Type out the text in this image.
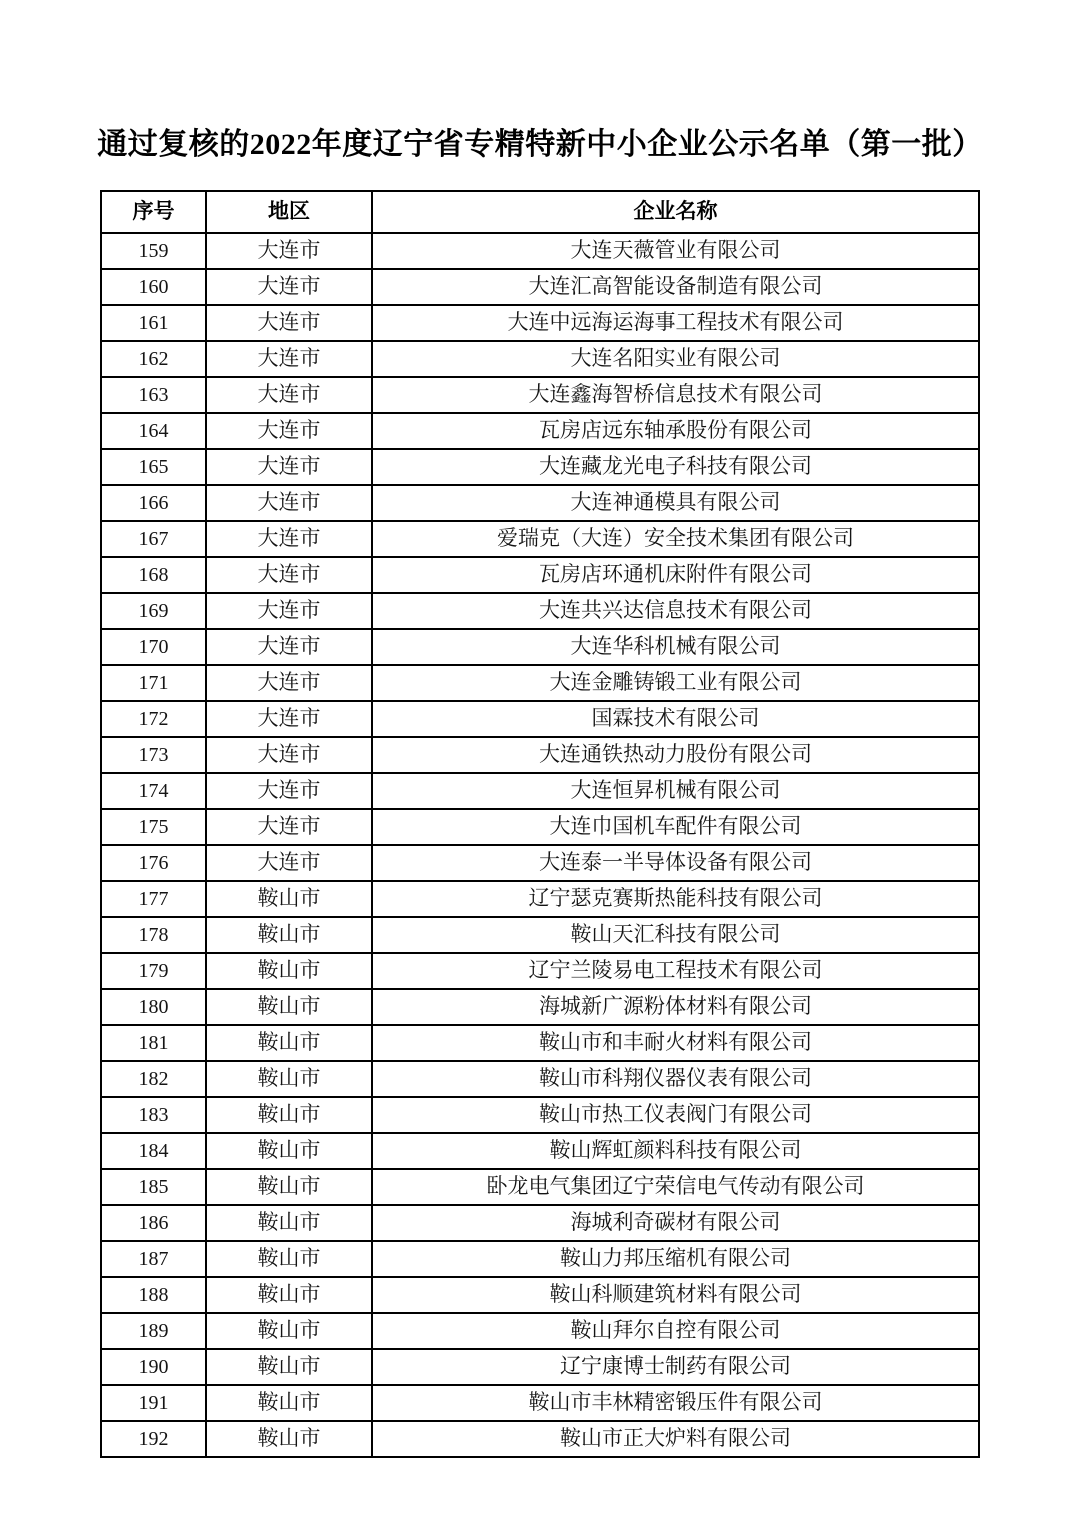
通过复核的2022年度辽宁省专精特新中小企业公示名单（第一批）
序号	地区	企业名称
159	大连市	大连天薇管业有限公司
160	大连市	大连汇高智能设备制造有限公司
161	大连市	大连中远海运海事工程技术有限公司
162	大连市	大连名阳实业有限公司
163	大连市	大连鑫海智桥信息技术有限公司
164	大连市	瓦房店远东轴承股份有限公司
165	大连市	大连藏龙光电子科技有限公司
166	大连市	大连神通模具有限公司
167	大连市	爱瑞克（大连）安全技术集团有限公司
168	大连市	瓦房店环通机床附件有限公司
169	大连市	大连共兴达信息技术有限公司
170	大连市	大连华科机械有限公司
171	大连市	大连金雕铸锻工业有限公司
172	大连市	国霖技术有限公司
173	大连市	大连通铁热动力股份有限公司
174	大连市	大连恒昇机械有限公司
175	大连市	大连巾国机车配件有限公司
176	大连市	大连泰一半导体设备有限公司
177	鞍山市	辽宁瑟克赛斯热能科技有限公司
178	鞍山市	鞍山天汇科技有限公司
179	鞍山市	辽宁兰陵易电工程技术有限公司
180	鞍山市	海城新广源粉体材料有限公司
181	鞍山市	鞍山市和丰耐火材料有限公司
182	鞍山市	鞍山市科翔仪器仪表有限公司
183	鞍山市	鞍山市热工仪表阀门有限公司
184	鞍山市	鞍山辉虹颜料科技有限公司
185	鞍山市	卧龙电气集团辽宁荣信电气传动有限公司
186	鞍山市	海城利奇碳材有限公司
187	鞍山市	鞍山力邦压缩机有限公司
188	鞍山市	鞍山科顺建筑材料有限公司
189	鞍山市	鞍山拜尔自控有限公司
190	鞍山市	辽宁康博士制药有限公司
191	鞍山市	鞍山市丰林精密锻压件有限公司
192	鞍山市	鞍山市正大炉料有限公司
